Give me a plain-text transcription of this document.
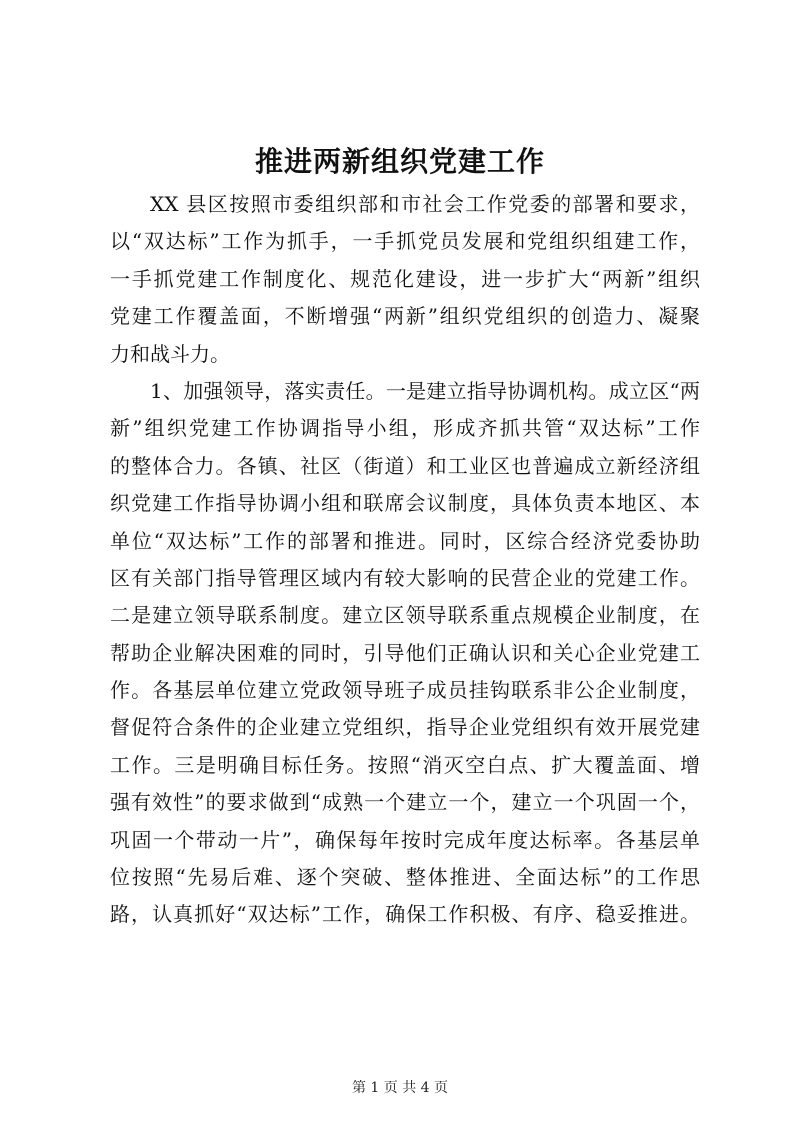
推进两新组织党建工作
XX 县区按照市委组织部和市社会工作党委的部署和要求，
以“双达标”工作为抓手，一手抓党员发展和党组织组建工作，
一手抓党建工作制度化、规范化建设，进一步扩大“两新”组织
党建工作覆盖面，不断增强“两新”组织党组织的创造力、凝聚
力和战斗力。
1、加强领导，落实责任。一是建立指导协调机构。成立区“两
新”组织党建工作协调指导小组，形成齐抓共管“双达标”工作
的整体合力。各镇、社区（街道）和工业区也普遍成立新经济组
织党建工作指导协调小组和联席会议制度，具体负责本地区、本
单位“双达标”工作的部署和推进。同时，区综合经济党委协助
区有关部门指导管理区域内有较大影响的民营企业的党建工作。
二是建立领导联系制度。建立区领导联系重点规模企业制度，在
帮助企业解决困难的同时，引导他们正确认识和关心企业党建工
作。各基层单位建立党政领导班子成员挂钩联系非公企业制度，
督促符合条件的企业建立党组织，指导企业党组织有效开展党建
工作。三是明确目标任务。按照“消灭空白点、扩大覆盖面、增
强有效性”的要求做到“成熟一个建立一个，建立一个巩固一个，
巩固一个带动一片”，确保每年按时完成年度达标率。各基层单
位按照“先易后难、逐个突破、整体推进、全面达标”的工作思
路，认真抓好“双达标”工作，确保工作积极、有序、稳妥推进。
第 1 页 共 4 页
